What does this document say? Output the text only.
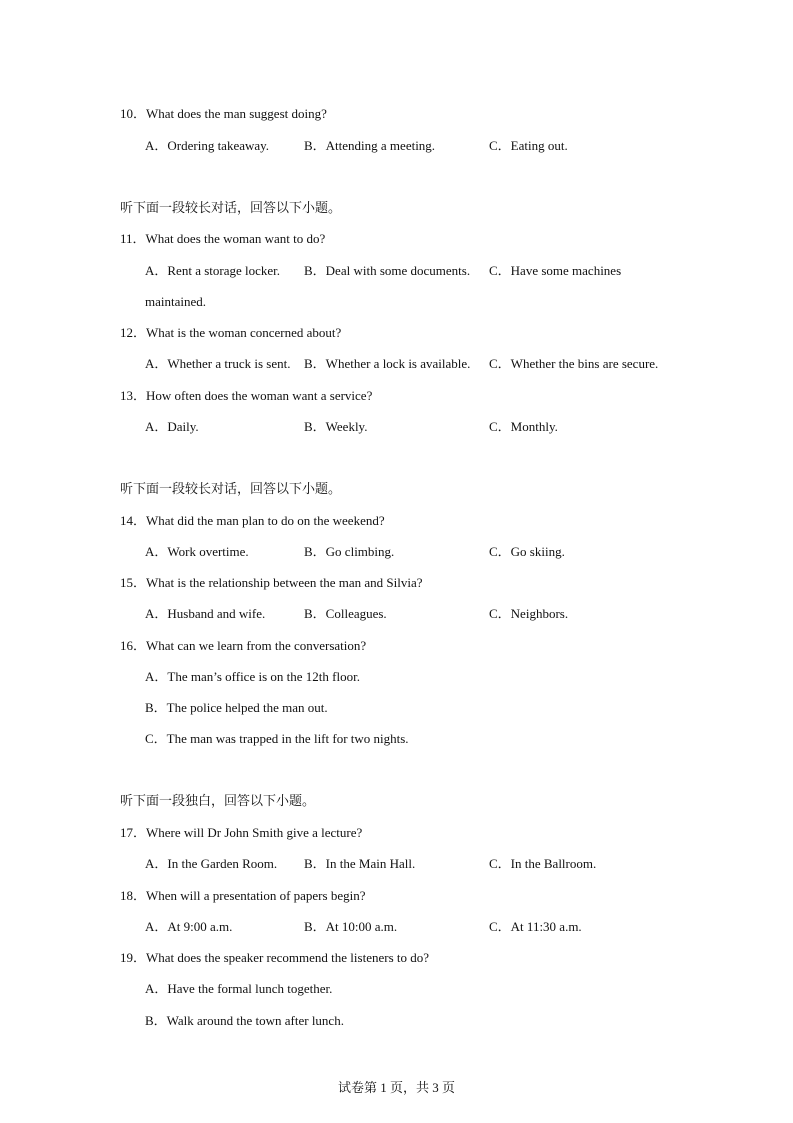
10．What does the man suggest doing?
A．Ordering takeaway.	B．Attending a meeting.	C．Eating out.
听下面一段较长对话，回答以下小题。
11．What does the woman want to do?
A．Rent a storage locker. B．Deal with some documents. C．Have some machines
maintained.
12．What is the woman concerned about?
A．Whether a truck is sent. B．Whether a lock is available. C．Whether the bins are secure.
13．How often does the woman want a service?
A．Daily.	B．Weekly.	C．Monthly.
听下面一段较长对话，回答以下小题。
14．What did the man plan to do on the weekend?
A．Work overtime.	B．Go climbing.	C．Go skiing.
15．What is the relationship between the man and Silvia?
A．Husband and wife.	B．Colleagues.	C．Neighbors.
16．What can we learn from the conversation?
A．The man’s office is on the 12th floor.
B．The police helped the man out.
C．The man was trapped in the lift for two nights.
听下面一段独白，回答以下小题。
17．Where will Dr John Smith give a lecture?
A．In the Garden Room. B．In the Main Hall.	C．In the Ballroom.
18．When will a presentation of papers begin?
A．At 9:00 a.m.	B．At 10:00 a.m.	C．At 11:30 a.m.
19．What does the speaker recommend the listeners to do?
A．Have the formal lunch together.
B．Walk around the town after lunch.
试卷第 1 页，共 3 页
